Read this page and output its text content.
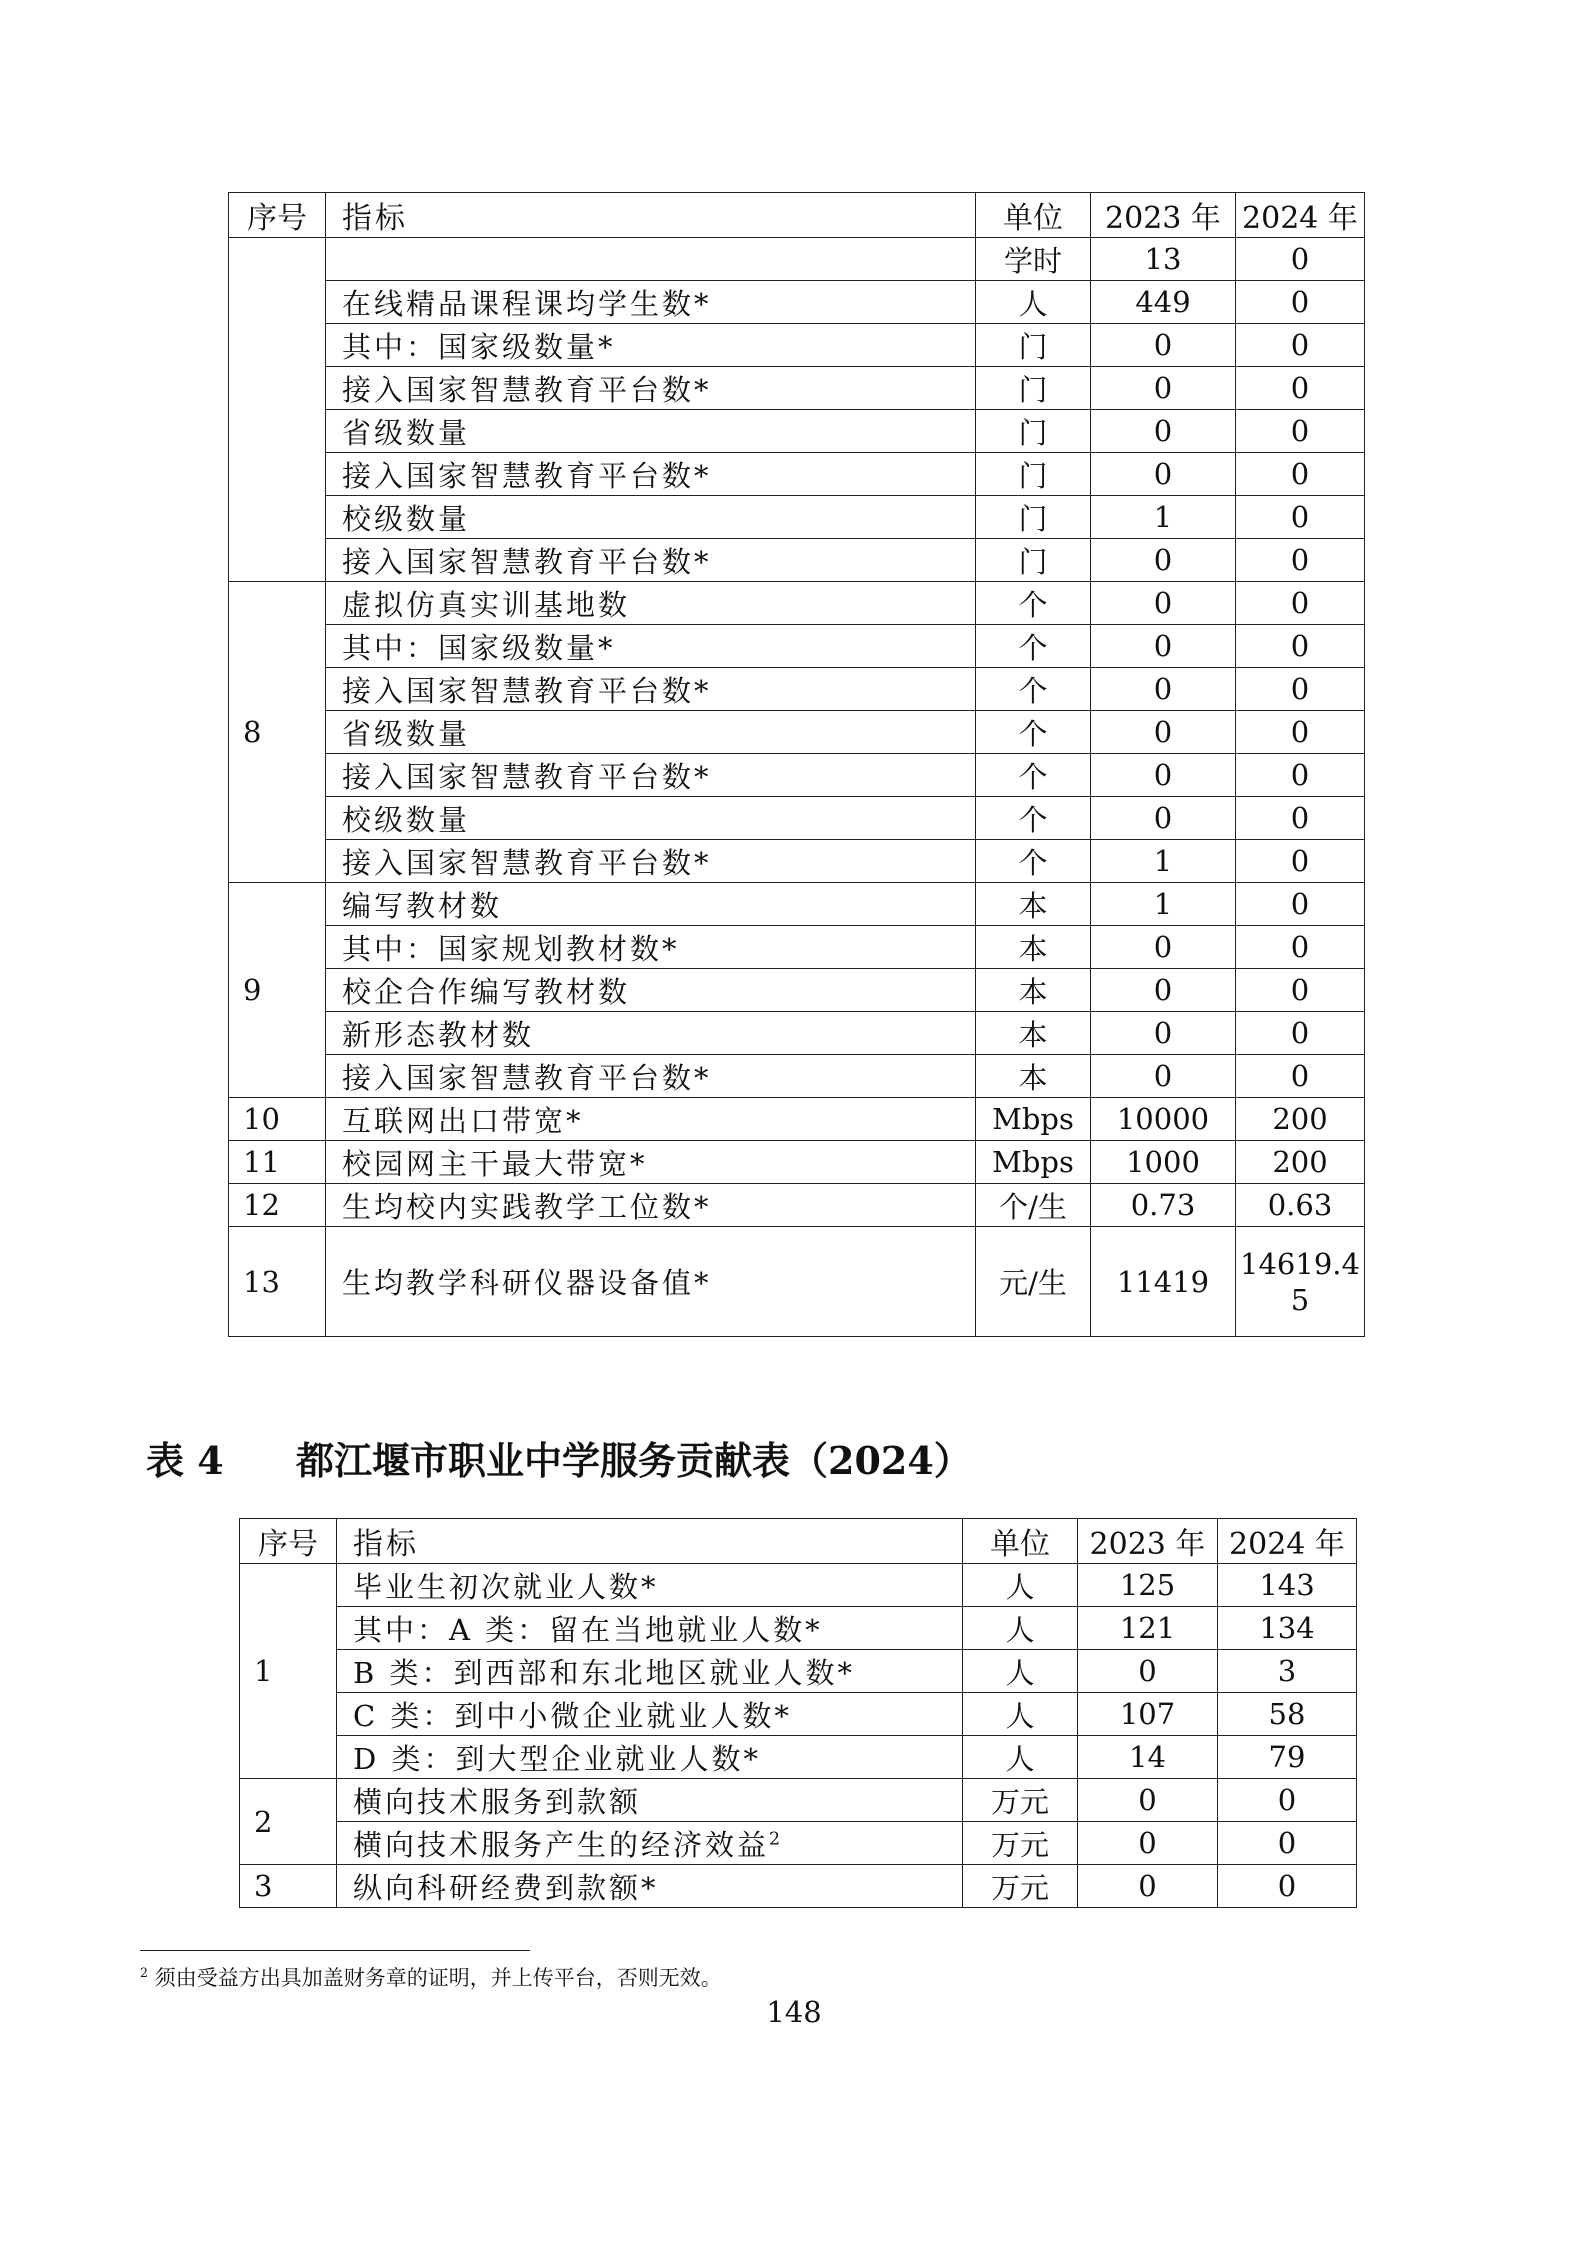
序号	指标	单位	2023 年	2024 年
		学时	13	0
	在线精品课程课均学生数*	人	449	0
	其中：国家级数量*	门	0	0
	接入国家智慧教育平台数*	门	0	0
	省级数量	门	0	0
	接入国家智慧教育平台数*	门	0	0
	校级数量	门	1	0
	接入国家智慧教育平台数*	门	0	0
8	虚拟仿真实训基地数	个	0	0
	其中：国家级数量*	个	0	0
	接入国家智慧教育平台数*	个	0	0
	省级数量	个	0	0
	接入国家智慧教育平台数*	个	0	0
	校级数量	个	0	0
	接入国家智慧教育平台数*	个	1	0
9	编写教材数	本	1	0
	其中：国家规划教材数*	本	0	0
	校企合作编写教材数	本	0	0
	新形态教材数	本	0	0
	接入国家智慧教育平台数*	本	0	0
10	互联网出口带宽*	Mbps	10000	200
11	校园网主干最大带宽*	Mbps	1000	200
12	生均校内实践教学工位数*	个/生	0.73	0.63
13	生均教学科研仪器设备值*	元/生	11419	14619.45
表 4 都江堰市职业中学服务贡献表（2024）
序号	指标	单位	2023 年	2024 年
1	毕业生初次就业人数*	人	125	143
	其中：A 类：留在当地就业人数*	人	121	134
	B 类：到西部和东北地区就业人数*	人	0	3
	C 类：到中小微企业就业人数*	人	107	58
	D 类：到大型企业就业人数*	人	14	79
2	横向技术服务到款额	万元	0	0
	横向技术服务产生的经济效益$^2$	万元	0	0
3	纵向科研经费到款额*	万元	0	0
$^2$ 须由受益方出具加盖财务章的证明，并上传平台，否则无效。
148
